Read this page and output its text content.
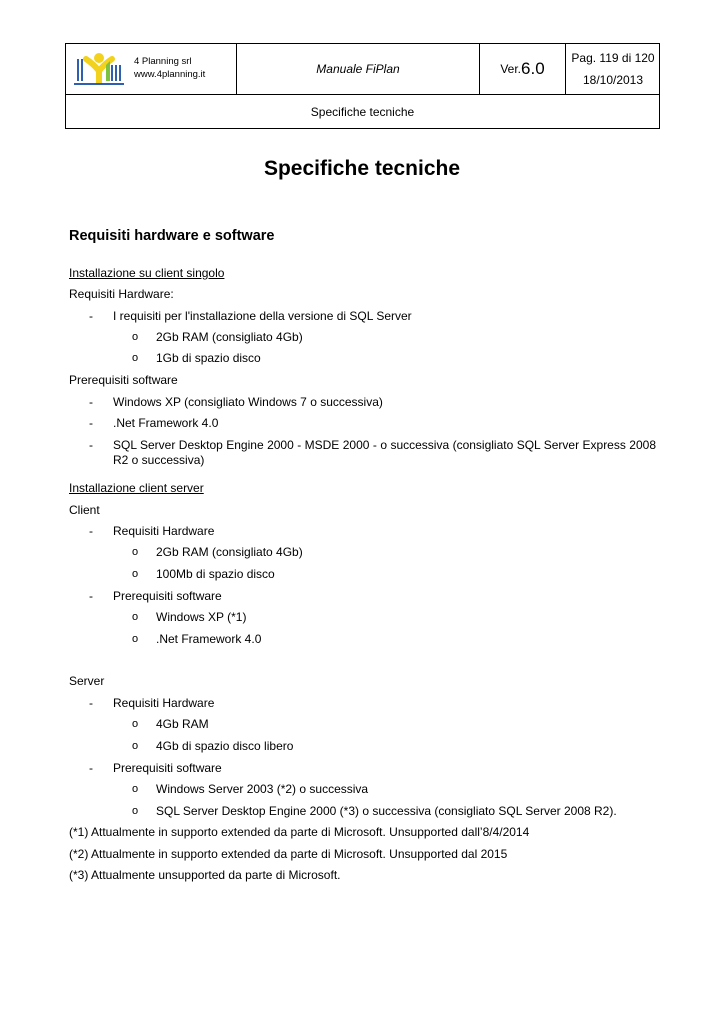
4 Planning srl
www.4planning.it	Manuale FiPlan	Ver. 6.0
Pag. 119 di 120
18/10/2013
Specifiche tecniche
Specifiche tecniche
Requisiti hardware e software
Installazione su client singolo
Requisiti Hardware:
- I requisiti per l'installazione della versione di SQL Server
o 2Gb RAM (consigliato 4Gb)
o 1Gb di spazio disco
Prerequisiti software
- Windows XP (consigliato Windows 7 o successiva)
- .Net Framework 4.0
- SQL Server Desktop Engine 2000 - MSDE 2000 - o successiva (consigliato SQL Server Express 2008 R2 o successiva)
Installazione client server
Client
- Requisiti Hardware
o 2Gb RAM (consigliato 4Gb)
o 100Mb di spazio disco
- Prerequisiti software
o Windows XP (*1)
o .Net Framework 4.0
Server
- Requisiti Hardware
o 4Gb RAM
o 4Gb di spazio disco libero
- Prerequisiti software
o Windows Server 2003 (*2) o successiva
o SQL Server Desktop Engine 2000 (*3) o successiva (consigliato SQL Server 2008 R2).
(*1) Attualmente in supporto extended da parte di Microsoft. Unsupported dall’8/4/2014
(*2) Attualmente in supporto extended da parte di Microsoft. Unsupported dal 2015
(*3) Attualmente unsupported da parte di Microsoft.
